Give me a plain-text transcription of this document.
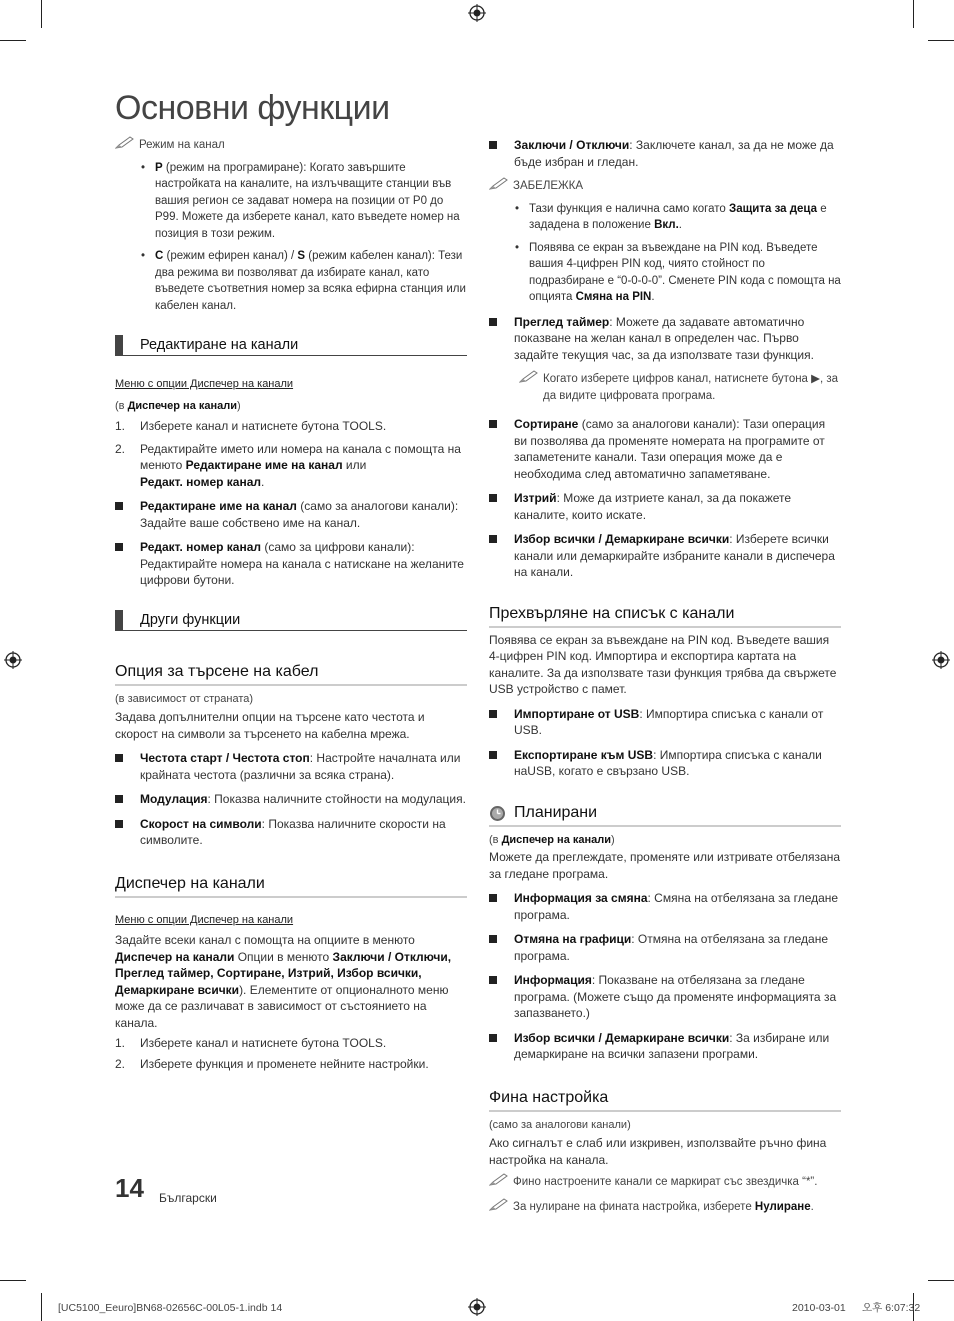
Основни функции
Режим на канал
• P (режим на програмиране): Когато завършите настройката на каналите, на излъчващите станции във вашия регион се задават номера на позиции от P0 до P99. Можете да изберете канал, като въведете номер на позиция в този режим.
• C (режим ефирен канал) / S (режим кабелен канал): Тези два режима ви позволяват да избирате канал, като въведете съответния номер за всяка ефирна станция или кабелен канал.
Редактиране на канали
Меню с опции Диспечер на канали
(в Диспечер на канали)
1. Изберете канал и натиснете бутона TOOLS.
2. Редактирайте името или номера на канала с помощта на менюто Редактиране име на канал или
Редакт. номер канал.
Редактиране име на канал (само за аналогови канали): Задайте ваше собствено име на канал.
Редакт. номер канал (само за цифрови канали): Редактирайте номера на канала с натискане на желаните цифрови бутони.
Други функции
Опция за търсене на кабел
(в зависимост от страната)
Задава допълнителни опции на търсене като честота и скорост на символи за търсенето на кабелна мрежа.
Честота старт / Честота стоп: Настройте началната или крайната честота (различни за всяка страна).
Модулация: Показва наличните стойности на модулация.
Скорост на символи: Показва наличните скорости на символите.
Диспечер на канали
Меню с опции Диспечер на канали
Задайте всеки канал с помощта на опциите в менюто Диспечер на канали Опции в менюто Заключи / Отключи, Преглед таймер, Сортиране, Изтрий, Избор всички, Демаркиране всички). Елементите от опционалното меню може да се различават в зависимост от състоянието на канала.
1. Изберете канал и натиснете бутона TOOLS.
2. Изберете функция и променете нейните настройки.
Заключи / Отключи: Заключете канал, за да не може да бъде избран и гледан.
ЗАБЕЛЕЖКА
• Тази функция е налична само когато Защита за деца е зададена в положение Вкл..
• Появява се екран за въвеждане на PIN код. Въведете вашия 4-цифрен PIN код, чиято стойност по подразбиране е “0-0-0-0”. Сменете PIN кода с помощта на опцията Смяна на PIN.
Преглед таймер: Можете да задавате автоматично показване на желан канал в определен час. Първо задайте текущия час, за да използвате тази функция.
Когато изберете цифров канал, натиснете бутона ▶, за да видите цифровата програма.
Сортиране (само за аналогови канали): Тази операция ви позволява да променяте номерата на програмите от запаметените канали. Тази операция може да е необходима след автоматично запаметяване.
Изтрий: Може да изтриете канал, за да покажете каналите, които искате.
Избор всички / Демаркиране всички: Изберете всички канали или демаркирайте избраните канали в диспечера на канали.
Прехвърляне на списък с канали
Появява се екран за въвеждане на PIN код. Въведете вашия 4-цифрен PIN код. Импортира и експортира картата на каналите. За да използвате тази функция трябва да свържете USB устройство с памет.
Импортиране от USB: Импортира списъка с канали от USB.
Експортиране към USB: Импортира списъка с канали наUSB, когато е свързано USB.
Планирани
(в Диспечер на канали)
Можете да преглеждате, променяте или изтривате отбелязана за гледане програма.
Информация за смяна: Смяна на отбелязана за гледане програма.
Отмяна на графици: Отмяна на отбелязана за гледане програма.
Информация: Показване на отбелязана за гледане програма. (Можете също да променяте информацията за запазването.)
Избор всички / Демаркиране всички: За избиране или демаркиране на всички запазени програми.
Фина настройка
(само за аналогови канали)
Ако сигналът е слаб или изкривен, използвайте ръчно фина настройка на канала.
Фино настроените канали се маркират със звездичка “*”.
За нулиране на фината настройка, изберете Нулиране.
14 Български
[UC5100_Eeuro]BN68-02656C-00L05-1.indb 14	2010-03-01 오후 6:07:32
